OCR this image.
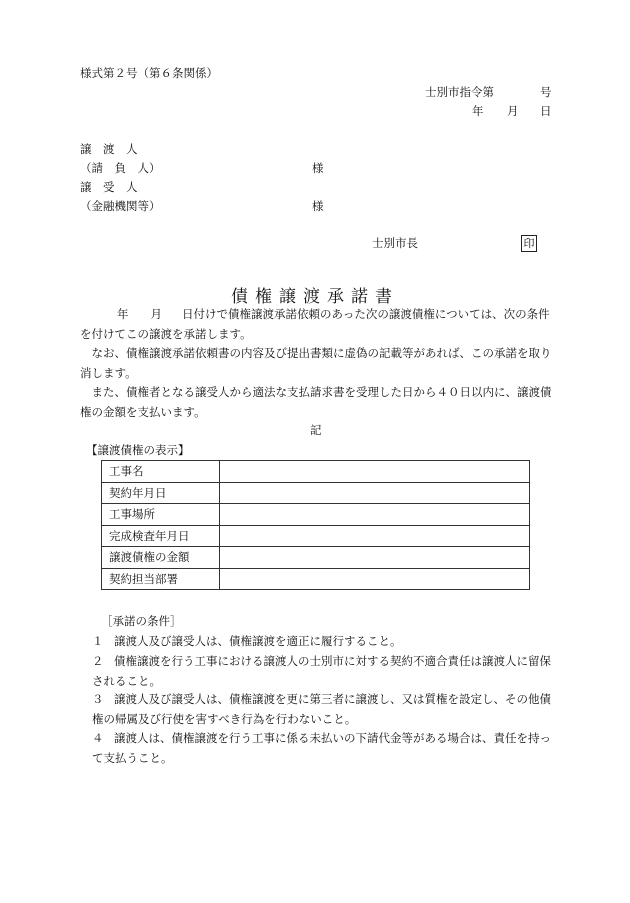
様式第２号（第６条関係）
士別市指令第	号
年 月 日
譲　渡　人
（請　負　人）	様
譲　受　人
（金融機関等）	様
士別市長	印
債権譲渡承諾書
年 月 日付けで債権譲渡承諾依頼のあった次の譲渡債権については、次の条件を付けてこの譲渡を承諾します。
なお、債権譲渡承諾依頼書の内容及び提出書類に虚偽の記載等があれば、この承諾を取り消します。
また、債権者となる譲受人から適法な支払請求書を受理した日から４０日以内に、譲渡債権の金額を支払います。
記
【譲渡債権の表示】
工事名	
契約年月日	
工事場所	
完成検査年月日	
譲渡債権の金額	
契約担当部署	
［承諾の条件］
１ 譲渡人及び譲受人は、債権譲渡を適正に履行すること。
２ 債権譲渡を行う工事における譲渡人の士別市に対する契約不適合責任は譲渡人に留保されること。
３ 譲渡人及び譲受人は、債権譲渡を更に第三者に譲渡し、又は質権を設定し、その他債権の帰属及び行使を害すべき行為を行わないこと。
４ 譲渡人は、債権譲渡を行う工事に係る未払いの下請代金等がある場合は、責任を持って支払うこと。
